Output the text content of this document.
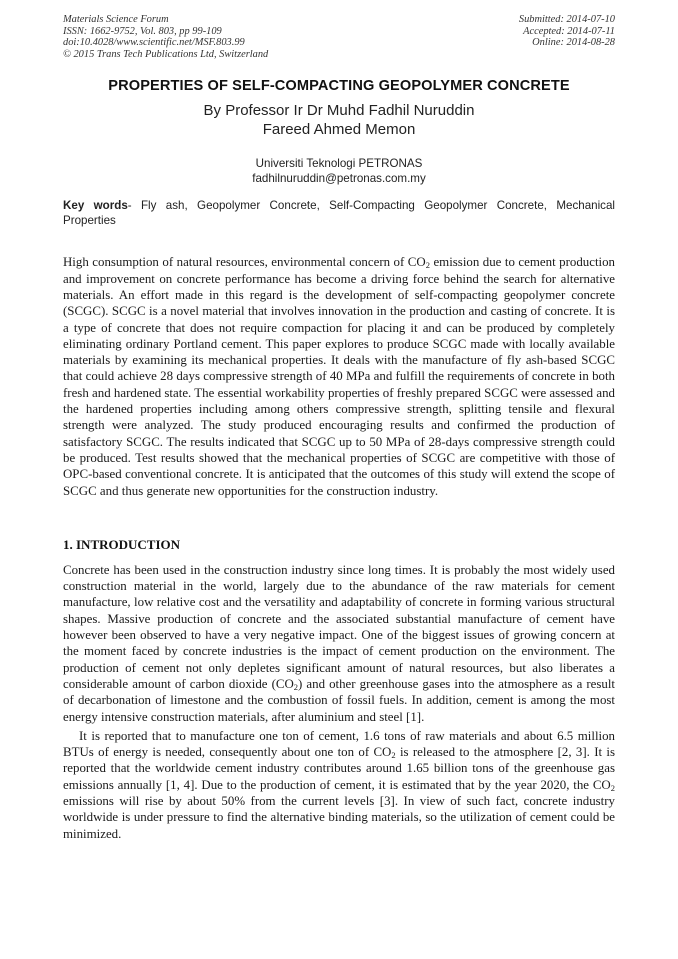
Materials Science Forum
ISSN: 1662-9752, Vol. 803, pp 99-109
doi:10.4028/www.scientific.net/MSF.803.99
© 2015 Trans Tech Publications Ltd, Switzerland
Submitted: 2014-07-10
Accepted: 2014-07-11
Online: 2014-08-28
PROPERTIES OF SELF-COMPACTING GEOPOLYMER CONCRETE
By Professor Ir Dr Muhd Fadhil Nuruddin
Fareed Ahmed Memon
Universiti Teknologi PETRONAS
fadhilnuruddin@petronas.com.my
Key words- Fly ash, Geopolymer Concrete, Self-Compacting Geopolymer Concrete, Mechanical Properties
High consumption of natural resources, environmental concern of $CO_2$ emission due to cement production and improvement on concrete performance has become a driving force behind the search for alternative materials. An effort made in this regard is the development of self-compacting geopolymer concrete (SCGC). SCGC is a novel material that involves innovation in the production and casting of concrete. It is a type of concrete that does not require compaction for placing it and can be produced by completely eliminating ordinary Portland cement. This paper explores to produce SCGC made with locally available materials by examining its mechanical properties. It deals with the manufacture of fly ash-based SCGC that could achieve 28 days compressive strength of 40 MPa and fulfill the requirements of concrete in both fresh and hardened state. The essential workability properties of freshly prepared SCGC were assessed and the hardened properties including among others compressive strength, splitting tensile and flexural strength were analyzed. The study produced encouraging results and confirmed the production of satisfactory SCGC. The results indicated that SCGC up to 50 MPa of 28-days compressive strength could be produced. Test results showed that the mechanical properties of SCGC are competitive with those of OPC-based conventional concrete. It is anticipated that the outcomes of this study will extend the scope of SCGC and thus generate new opportunities for the construction industry.
1. INTRODUCTION
Concrete has been used in the construction industry since long times. It is probably the most widely used construction material in the world, largely due to the abundance of the raw materials for cement manufacture, low relative cost and the versatility and adaptability of concrete in forming various structural shapes. Massive production of concrete and the associated substantial manufacture of cement have however been observed to have a very negative impact. One of the biggest issues of growing concern at the moment faced by concrete industries is the impact of cement production on the environment. The production of cement not only depletes significant amount of natural resources, but also liberates a considerable amount of carbon dioxide $(CO_2)$ and other greenhouse gases into the atmosphere as a result of decarbonation of limestone and the combustion of fossil fuels. In addition, cement is among the most energy intensive construction materials, after aluminium and steel [1].
It is reported that to manufacture one ton of cement, 1.6 tons of raw materials and about 6.5 million BTUs of energy is needed, consequently about one ton of $CO_2$ is released to the atmosphere [2, 3]. It is reported that the worldwide cement industry contributes around 1.65 billion tons of the greenhouse gas emissions annually [1, 4]. Due to the production of cement, it is estimated that by the year 2020, the $CO_2$ emissions will rise by about 50% from the current levels [3]. In view of such fact, concrete industry worldwide is under pressure to find the alternative binding materials, so the utilization of cement could be minimized.
